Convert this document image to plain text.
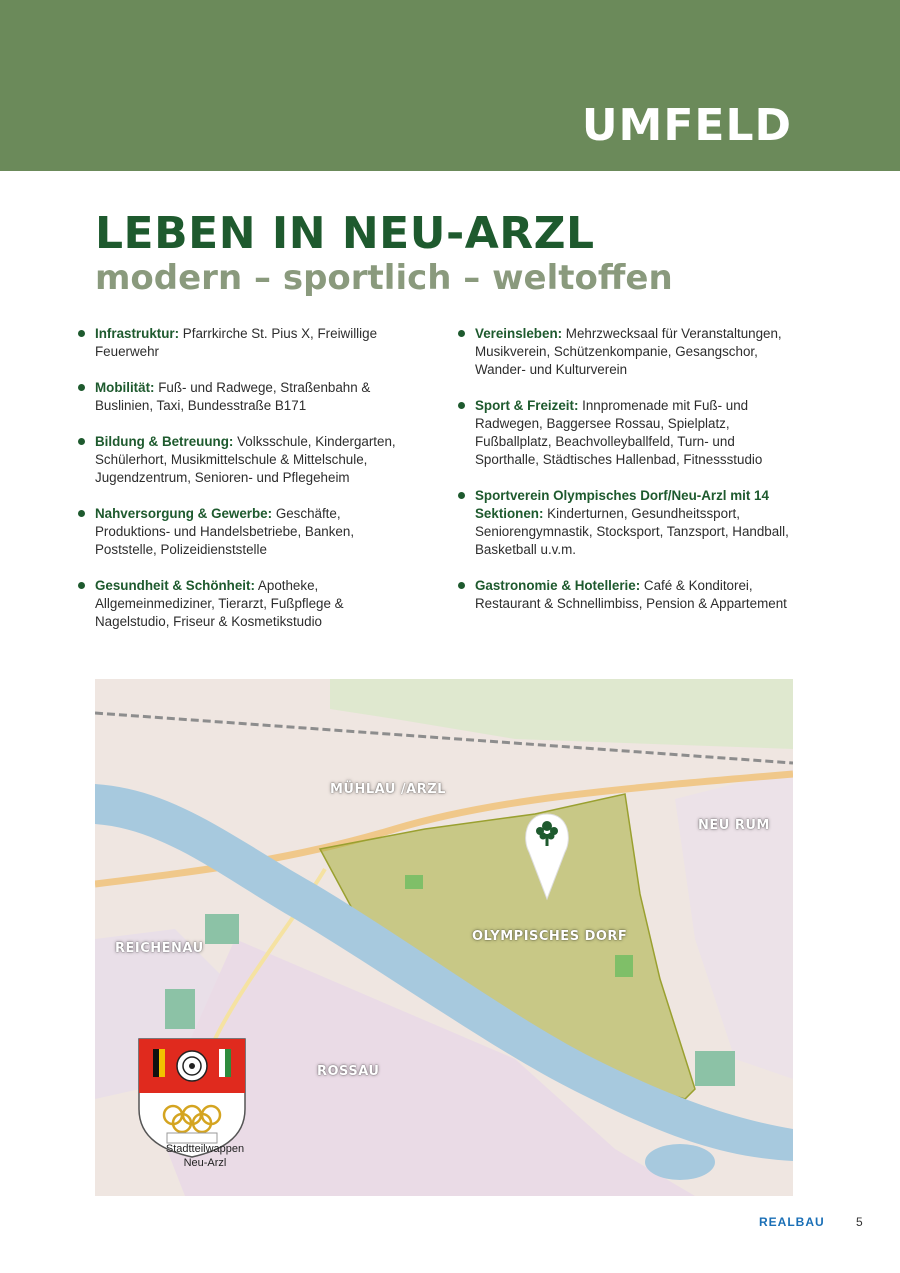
UMFELD
LEBEN IN NEU-ARZL
modern – sportlich – weltoffen
Infrastruktur: Pfarrkirche St. Pius X, Freiwillige Feuerwehr
Mobilität: Fuß- und Radwege, Straßenbahn & Buslinien, Taxi, Bundesstraße B171
Bildung & Betreuung: Volksschule, Kindergarten, Schülerhort, Musikmittelschule & Mittelschule, Jugendzentrum, Senioren- und Pflegeheim
Nahversorgung & Gewerbe: Geschäfte, Produktions- und Handelsbetriebe, Banken, Poststelle, Polizeidienststelle
Gesundheit & Schönheit: Apotheke, Allgemeinmediziner, Tierarzt, Fußpflege & Nagelstudio, Friseur & Kosmetikstudio
Vereinsleben: Mehrzwecksaal für Veranstaltungen, Musikverein, Schützenkompanie, Gesangschor, Wander- und Kulturverein
Sport & Freizeit: Innpromenade mit Fuß- und Radwegen, Baggersee Rossau, Spielplatz, Fußballplatz, Beachvolleyballfeld, Turn- und Sporthalle, Städtisches Hallenbad, Fitnessstudio
Sportverein Olympisches Dorf/Neu-Arzl mit 14 Sektionen: Kinderturnen, Gesundheitssport, Seniorengymnastik, Stocksport, Tanzsport, Handball, Basketball u.v.m.
Gastronomie & Hotellerie: Café & Konditorei, Restaurant & Schnellimbiss, Pension & Appartement
MÜHLAU /ARZL
NEU RUM
OLYMPISCHES DORF
REICHENAU
ROSSAU
Stadtteilwappen
Neu-Arzl
REALBAU	5
